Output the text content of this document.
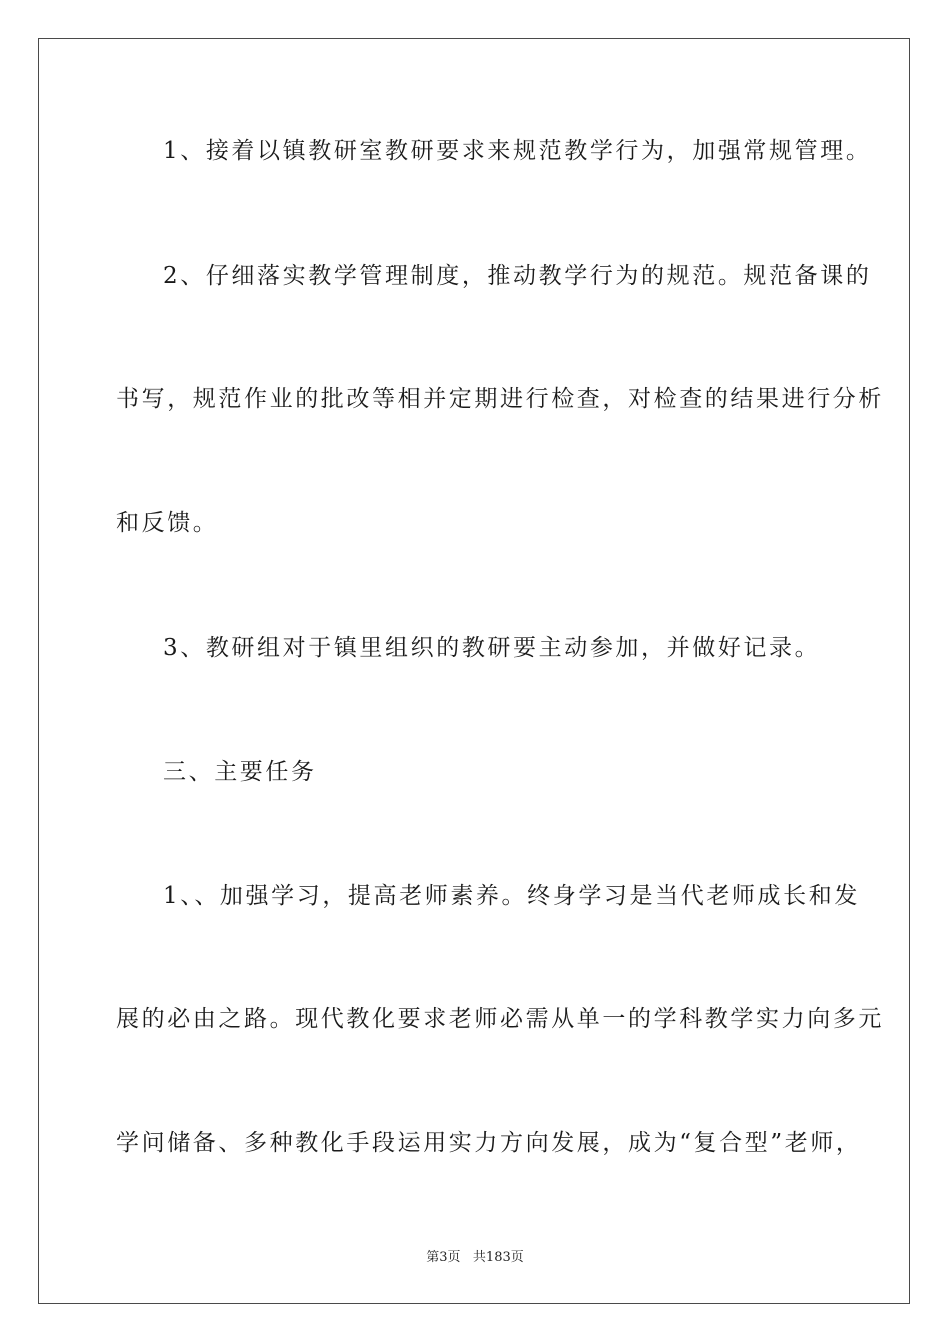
1、接着以镇教研室教研要求来规范教学行为，加强常规管理。
2、仔细落实教学管理制度，推动教学行为的规范。规范备课的
书写，规范作业的批改等相并定期进行检查，对检查的结果进行分析
和反馈。
3、教研组对于镇里组织的教研要主动参加，并做好记录。
三、主要任务
1、、加强学习，提高老师素养。终身学习是当代老师成长和发
展的必由之路。现代教化要求老师必需从单一的学科教学实力向多元
学问储备、多种教化手段运用实力方向发展，成为“复合型”老师，
第3页   共183页
